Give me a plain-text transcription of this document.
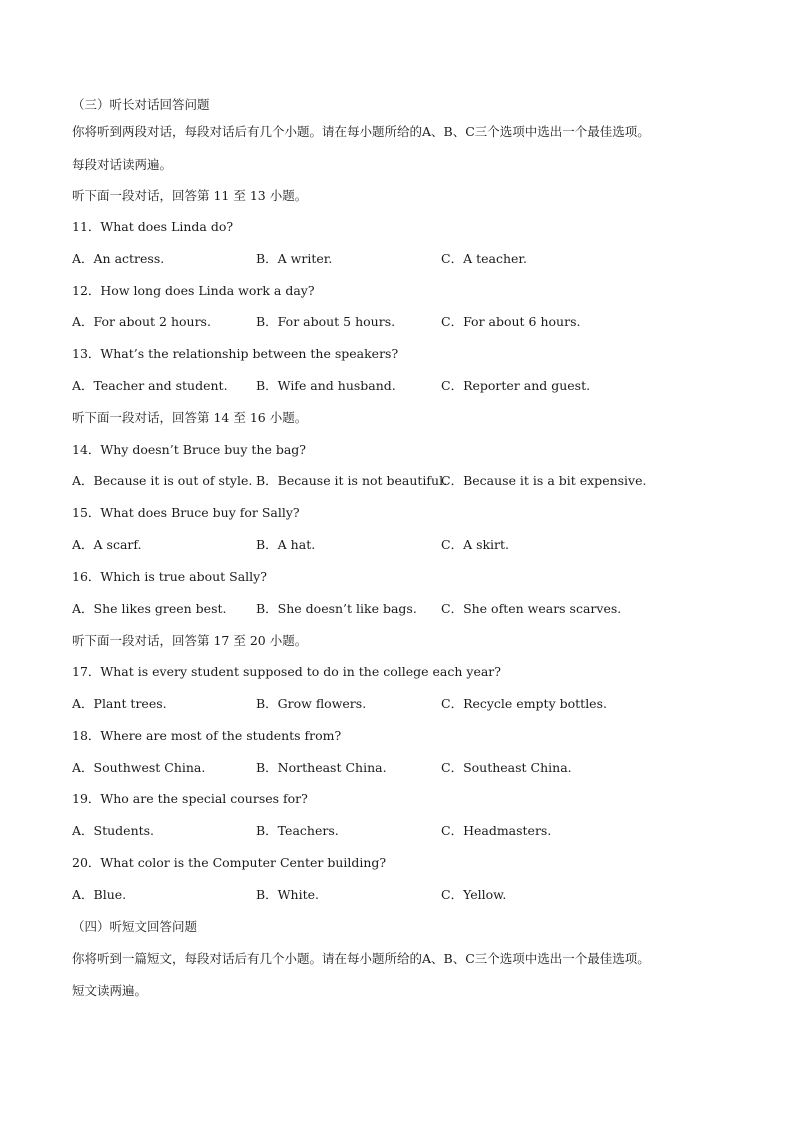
（三）听长对话回答问题
你将听到两段对话，每段对话后有几个小题。请在每小题所给的A、B、C三个选项中选出一个最佳选项。
每段对话读两遍。
听下面一段对话，回答第 11 至 13 小题。
11．What does Linda do?
A．An actress.	B．A writer.	C．A teacher.
12．How long does Linda work a day?
A．For about 2 hours.	B．For about 5 hours.	C．For about 6 hours.
13．What’s the relationship between the speakers?
A．Teacher and student. B．Wife and husband.	C．Reporter and guest.
听下面一段对话，回答第 14 至 16 小题。
14．Why doesn’t Bruce buy the bag?
A．Because it is out of style. B．Because it is not beautiful.
C．Because it is a bit expensive.
15．What does Bruce buy for Sally?
A．A scarf.	B．A hat.	C．A skirt.
16．Which is true about Sally?
A．She likes green best. B．She doesn’t like bags. C．She often wears scarves.
听下面一段对话，回答第 17 至 20 小题。
17．What is every student supposed to do in the college each year?
A．Plant trees.	B．Grow flowers.	C．Recycle empty bottles.
18．Where are most of the students from?
A．Southwest China.	B．Northeast China.	C．Southeast China.
19．Who are the special courses for?
A．Students.	B．Teachers.	C．Headmasters.
20．What color is the Computer Center building?
A．Blue.	B．White.	C．Yellow.
（四）听短文回答问题
你将听到一篇短文，每段对话后有几个小题。请在每小题所给的A、B、C三个选项中选出一个最佳选项。
短文读两遍。
